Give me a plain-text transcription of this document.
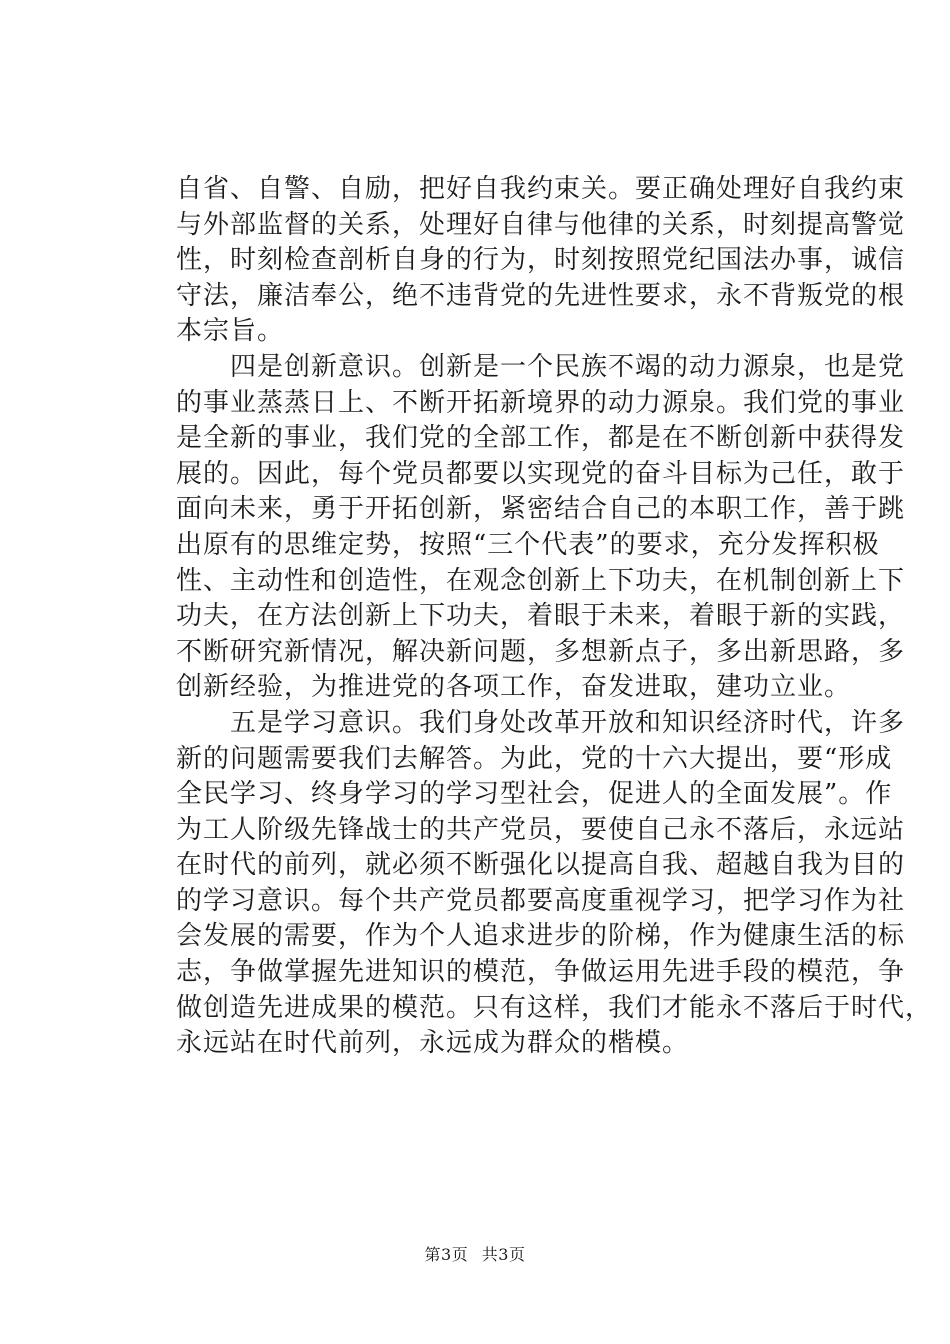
自省、自警、自励，把好自我约束关。要正确处理好自我约束
与外部监督的关系，处理好自律与他律的关系，时刻提高警觉
性，时刻检查剖析自身的行为，时刻按照党纪国法办事，诚信
守法，廉洁奉公，绝不违背党的先进性要求，永不背叛党的根
本宗旨。
　　四是创新意识。创新是一个民族不竭的动力源泉，也是党
的事业蒸蒸日上、不断开拓新境界的动力源泉。我们党的事业
是全新的事业，我们党的全部工作，都是在不断创新中获得发
展的。因此，每个党员都要以实现党的奋斗目标为己任，敢于
面向未来，勇于开拓创新，紧密结合自己的本职工作，善于跳
出原有的思维定势，按照“三个代表”的要求，充分发挥积极
性、主动性和创造性，在观念创新上下功夫，在机制创新上下
功夫，在方法创新上下功夫，着眼于未来，着眼于新的实践，
不断研究新情况，解决新问题，多想新点子，多出新思路，多
创新经验，为推进党的各项工作，奋发进取，建功立业。
　　五是学习意识。我们身处改革开放和知识经济时代，许多
新的问题需要我们去解答。为此，党的十六大提出，要“形成
全民学习、终身学习的学习型社会，促进人的全面发展”。作
为工人阶级先锋战士的共产党员，要使自己永不落后，永远站
在时代的前列，就必须不断强化以提高自我、超越自我为目的
的学习意识。每个共产党员都要高度重视学习，把学习作为社
会发展的需要，作为个人追求进步的阶梯，作为健康生活的标
志，争做掌握先进知识的模范，争做运用先进手段的模范，争
做创造先进成果的模范。只有这样，我们才能永不落后于时代，
永远站在时代前列，永远成为群众的楷模。
第3页 共3页
